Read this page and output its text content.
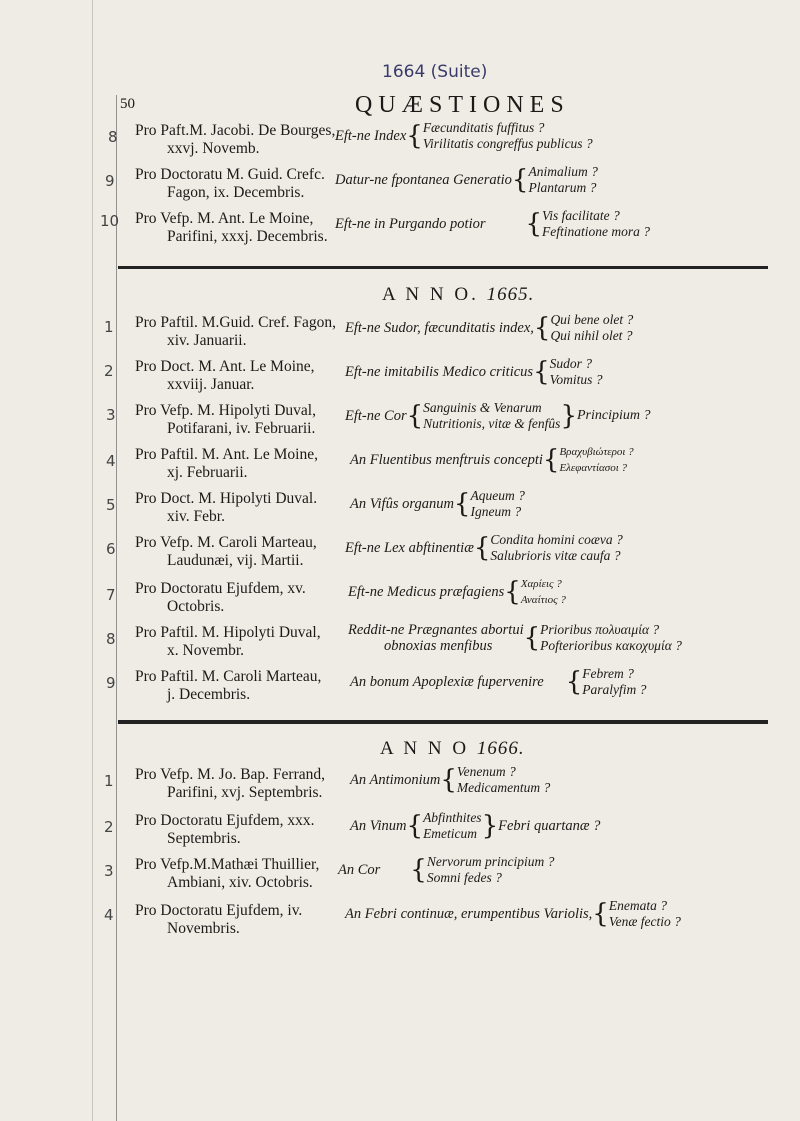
1664 (Suite)
50	QUÆSTIONES
8 Pro Paft.M. Jacobi. De Bourges,
xxvj. Novemb.
Eft-ne Index { Fæcunditatis fuffitus ?
Virilitatis congreffus publicus ?
9 Pro Doctoratu M. Guid. Crefc.
Fagon, ix. Decembris.
Datur-ne fpontanea Generatio { Animalium ?
Plantarum ?
10 Pro Vefp. M. Ant. Le Moine,
Parifini, xxxj. Decembris.
Eft-ne in Purgando potior { Vis facilitate ?
Feftinatione mora ?
A N N O. 1665.
1 Pro Paftil. M.Guid. Cref. Fagon,
xiv. Januarii.
Eft-ne Sudor, fæcunditatis index, { Qui bene olet ?
Qui nihil olet ?
2 Pro Doct. M. Ant. Le Moine,
xxviij. Januar.
Eft-ne imitabilis Medico criticus { Sudor ?
Vomitus ?
3 Pro Vefp. M. Hipolyti Duval,
Potifarani, iv. Februarii.
Eft-ne Cor { Sanguinis & Venarum
Nutritionis, vitæ & fenfûs } Principium ?
4 Pro Paftil. M. Ant. Le Moine,
xj. Februarii.
An Fluentibus menftruis concepti { Βραχυβιώτεροι ?
Ελεφαντίασοι ?
5 Pro Doct. M. Hipolyti Duval.
xiv. Febr.
An Vifûs organum { Aqueum ?
Igneum ?
6 Pro Vefp. M. Caroli Marteau,
Laudunæi, vij. Martii.
Eft-ne Lex abftinentiæ { Condita homini coæva ?
Salubrioris vitæ caufa ?
7 Pro Doctoratu Ejufdem, xv.
Octobris.
Eft-ne Medicus præfagiens { Χαρίεις ?
Αναίτιος ?
8 Pro Paftil. M. Hipolyti Duval,
x. Novembr.
Reddit-ne Prægnantes abortui
obnoxias menfibus	{ Prioribus πολυαιμία ?
Pofterioribus κακοχυμία ?
9 Pro Paftil. M. Caroli Marteau,
j. Decembris.
An bonum Apoplexiæ fupervenire { Febrem ?
Paralyfim ?
A N N O 1666.
1 Pro Vefp. M. Jo. Bap. Ferrand,
Parifini, xvj. Septembris.
An Antimonium { Venenum ?
Medicamentum ?
2 Pro Doctoratu Ejufdem, xxx.
Septembris.
An Vinum { Abfinthites
Emeticum } Febri quartanæ ?
3 Pro Vefp.M.Mathæi Thuillier,
Ambiani, xiv. Octobris.
An Cor { Nervorum principium ?
Somni fedes ?
4 Pro Doctoratu Ejufdem, iv.
Novembris.
An Febri continuæ, erumpentibus Variolis, { Enemata ?
Venæ fectio ?
